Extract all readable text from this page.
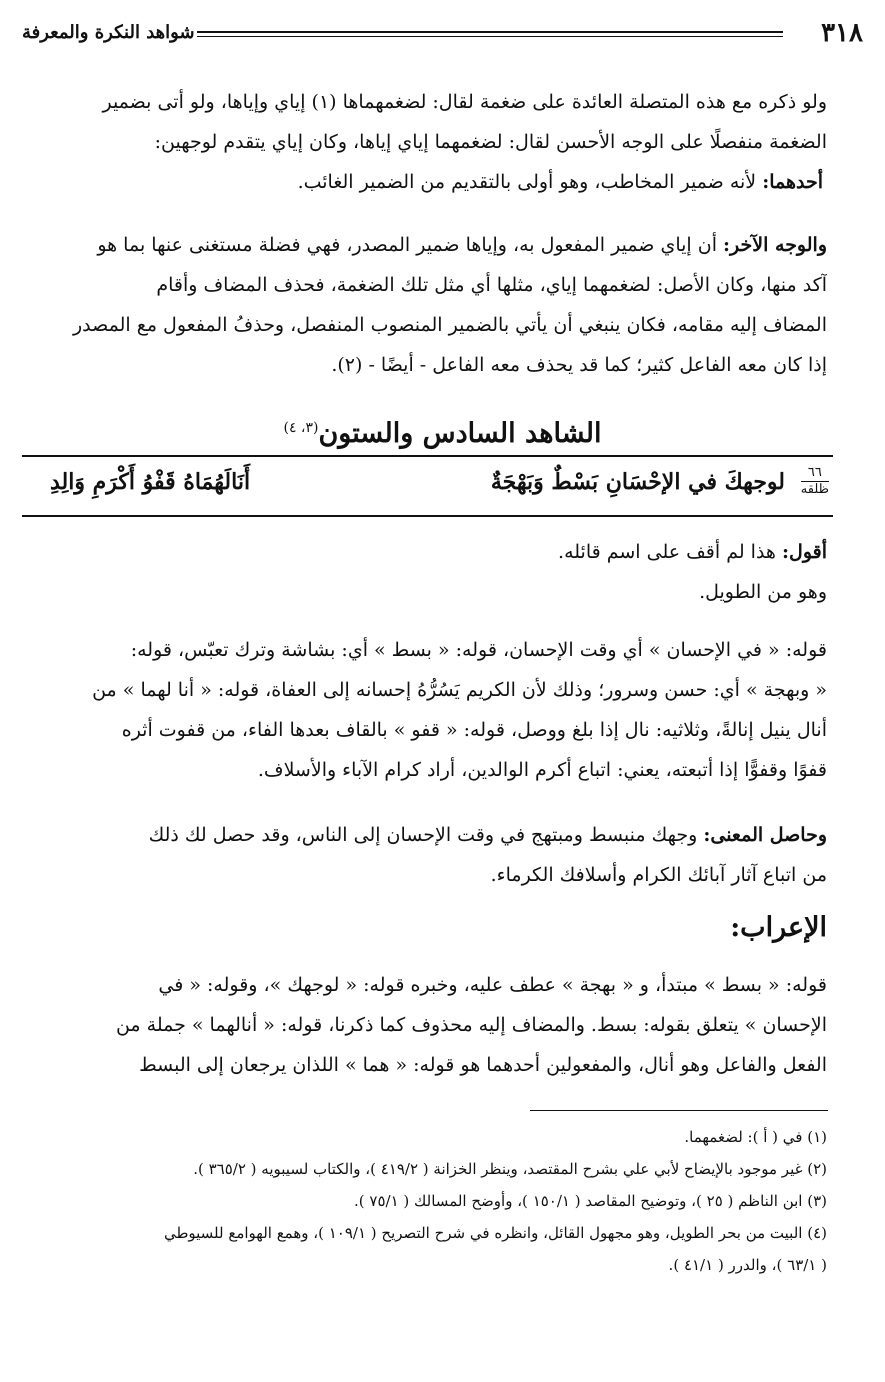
٣١٨
شواهد النكرة والمعرفة
ولو ذكره مع هذه المتصلة العائدة على ضغمة لقال: لضغمهماها (١) إياي وإياها، ولو أتى بضمير
الضغمة منفصلًا على الوجه الأحسن لقال: لضغمهما إياي إياها، وكان إياي يتقدم لوجهين:
أحدهما: لأنه ضمير المخاطب، وهو أولى بالتقديم من الضمير الغائب.
والوجه الآخر: أن إياي ضمير المفعول به، وإياها ضمير المصدر، فهي فضلة مستغنى عنها بما هو
آكد منها، وكان الأصل: لضغمهما إياي، مثلها أي مثل تلك الضغمة، فحذف المضاف وأقام
المضاف إليه مقامه، فكان ينبغي أن يأتي بالضمير المنصوب المنفصل، وحذفُ المفعول مع المصدر
إذا كان معه الفاعل كثير؛ كما قد يحذف معه الفاعل - أيضًا - (٢).
الشاهد السادس والستون$^{(٣، ٤)}$
٦٦
ظلقه
لوجهكَ في الإحْسَانِ بَسْطٌ وَبَهْجَةٌ
أَنَالَهُمَاهُ قَفْوُ أَكْرَمِ وَالِدِ
أقول: هذا لم أقف على اسم قائله.
وهو من الطويل.
قوله: « في الإحسان » أي وقت الإحسان، قوله: « بسط » أي: بشاشة وترك تعبّس، قوله:
« وبهجة » أي: حسن وسرور؛ وذلك لأن الكريم يَسُرُّهُ إحسانه إلى العفاة، قوله: « أنا لهما » من
أنال ينيل إنالةً، وثلاثيه: نال إذا بلغ ووصل، قوله: « قفو » بالقاف بعدها الفاء، من قفوت أثره
قفوًا وقفوًّا إذا أتبعته، يعني: اتباع أكرم الوالدين، أراد كرام الآباء والأسلاف.
وحاصل المعنى: وجهك منبسط ومبتهج في وقت الإحسان إلى الناس، وقد حصل لك ذلك
من اتباع آثار آبائك الكرام وأسلافك الكرماء.
الإعراب:
قوله: « بسط » مبتدأ، و « بهجة » عطف عليه، وخبره قوله: « لوجهك »، وقوله: « في
الإحسان » يتعلق بقوله: بسط. والمضاف إليه محذوف كما ذكرنا، قوله: « أنالهما » جملة من
الفعل والفاعل وهو أنال، والمفعولين أحدهما هو قوله: « هما » اللذان يرجعان إلى البسط
(١) في ( أ ): لضغمهما.
(٢) غير موجود بالإيضاح لأبي علي بشرح المقتصد، وينظر الخزانة ( ٤١٩/٢ )، والكتاب لسيبويه ( ٣٦٥/٢ ).
(٣) ابن الناظم ( ٢٥ )، وتوضيح المقاصد ( ١٥٠/١ )، وأوضح المسالك ( ٧٥/١ ).
(٤) البيت من بحر الطويل، وهو مجهول القائل، وانظره في شرح التصريح ( ١٠٩/١ )، وهمع الهوامع للسيوطي
( ٦٣/١ )، والدرر ( ٤١/١ ).
